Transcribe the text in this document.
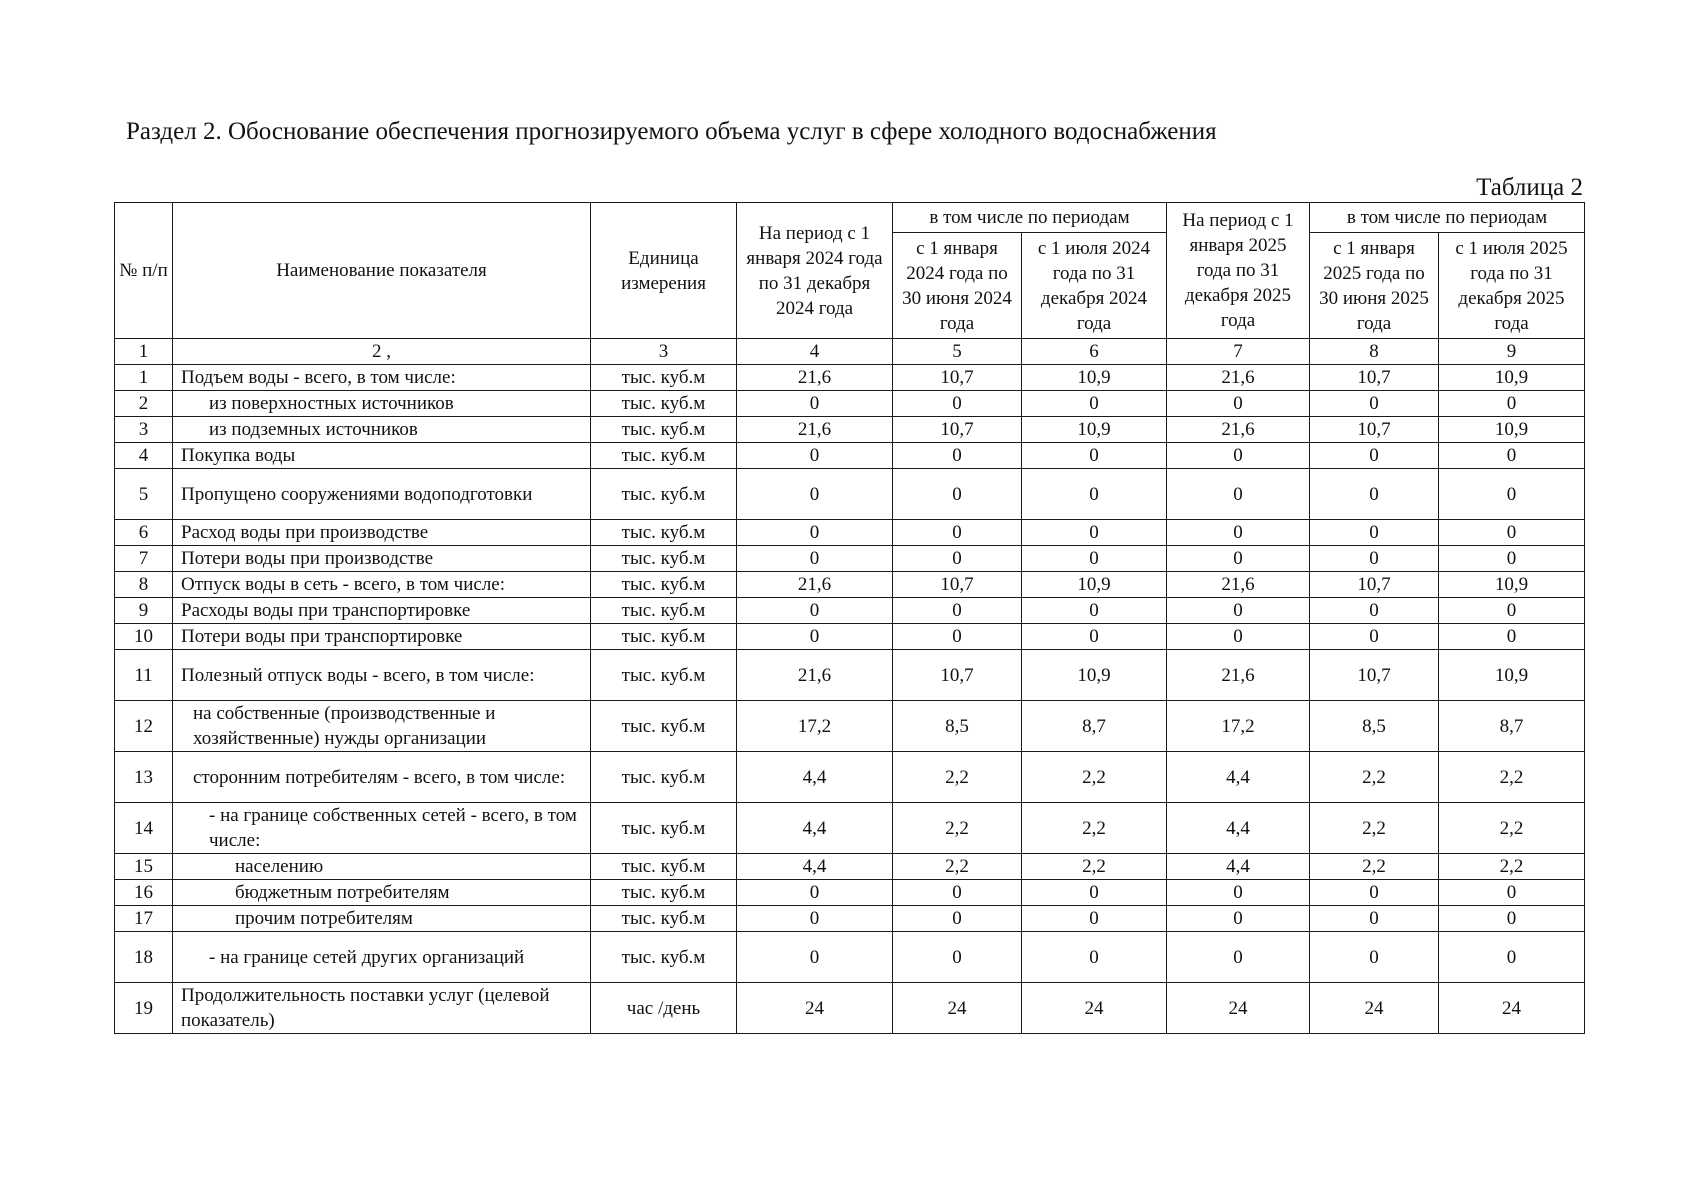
Раздел 2. Обоснование обеспечения прогнозируемого объема услуг в сфере холодного водоснабжения
Таблица 2
№ п/п	Наименование показателя	Единица измерения	На период с 1 января 2024 года по 31 декабря 2024 года	в том числе по периодам		На период с 1 января 2025 года по 31 декабря 2025 года	в том числе по периодам	
				с 1 января 2024 года по 30 июня 2024 года	с 1 июля 2024 года по 31 декабря 2024 года		с 1 января 2025 года по 30 июня 2025 года	с 1 июля 2025 года по 31 декабря 2025 года
1	2 ,	3	4	5	6	7	8	9
1	Подъем воды - всего, в том числе:	тыс. куб.м	21,6	10,7	10,9	21,6	10,7	10,9
2	из поверхностных источников	тыс. куб.м	0	0	0	0	0	0
3	из подземных источников	тыс. куб.м	21,6	10,7	10,9	21,6	10,7	10,9
4	Покупка воды	тыс. куб.м	0	0	0	0	0	0
5	Пропущено сооружениями водоподготовки	тыс. куб.м	0	0	0	0	0	0
6	Расход воды при производстве	тыс. куб.м	0	0	0	0	0	0
7	Потери воды при производстве	тыс. куб.м	0	0	0	0	0	0
8	Отпуск воды в сеть - всего, в том числе:	тыс. куб.м	21,6	10,7	10,9	21,6	10,7	10,9
9	Расходы воды при транспортировке	тыс. куб.м	0	0	0	0	0	0
10	Потери воды при транспортировке	тыс. куб.м	0	0	0	0	0	0
11	Полезный отпуск воды - всего, в том числе:	тыс. куб.м	21,6	10,7	10,9	21,6	10,7	10,9
12	на собственные (производственные и хозяйственные) нужды организации	тыс. куб.м	17,2	8,5	8,7	17,2	8,5	8,7
13	сторонним потребителям - всего, в том числе:	тыс. куб.м	4,4	2,2	2,2	4,4	2,2	2,2
14	- на границе собственных сетей - всего, в том числе:	тыс. куб.м	4,4	2,2	2,2	4,4	2,2	2,2
15	населению	тыс. куб.м	4,4	2,2	2,2	4,4	2,2	2,2
16	бюджетным потребителям	тыс. куб.м	0	0	0	0	0	0
17	прочим потребителям	тыс. куб.м	0	0	0	0	0	0
18	- на границе сетей других организаций	тыс. куб.м	0	0	0	0	0	0
19	Продолжительность поставки услуг (целевой показатель)	час /день	24	24	24	24	24	24
